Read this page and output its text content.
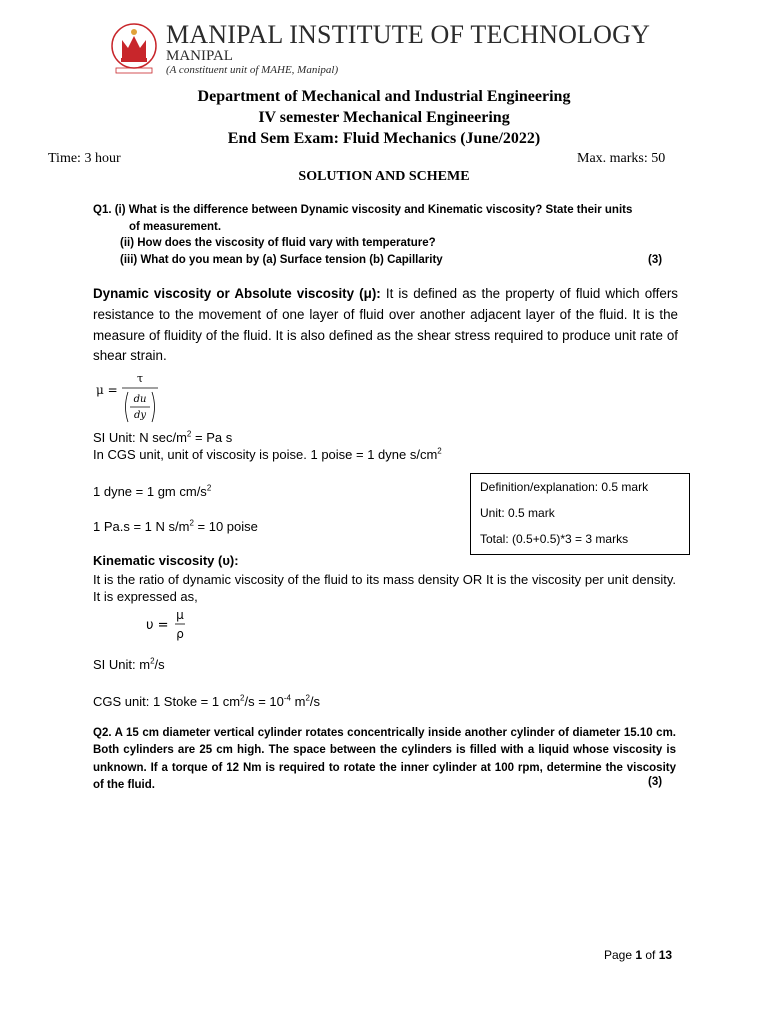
MANIPAL INSTITUTE OF TECHNOLOGY
MANIPAL
(A constituent unit of MAHE, Manipal)
Department of Mechanical and Industrial Engineering
IV semester Mechanical Engineering
End Sem Exam: Fluid Mechanics (June/2022)
Time: 3 hour	Max. marks: 50
SOLUTION AND SCHEME
Q1. (i) What is the difference between Dynamic viscosity and Kinematic viscosity? State their units
of measurement.
(ii) How does the viscosity of fluid vary with temperature?
(iii) What do you mean by (a) Surface tension (b) Capillarity	(3)
Dynamic viscosity or Absolute viscosity (μ): It is defined as the property of fluid which offers resistance to the movement of one layer of fluid over another adjacent layer of the fluid. It is the measure of fluidity of the fluid. It is also defined as the shear stress required to produce unit rate of shear strain.
μ =
τ
du
dy
SI Unit: N $\sec/m^2 = Pa$ s
In CGS unit, unit of viscosity is poise. 1 poise = 1 dyne $s/cm^2$
1 dyne = 1 gm $cm/s^2$
1 Pa.s = 1 N $s/m^2 = 10$ poise
Definition/explanation: 0.5 mark
Unit: 0.5 mark
Total: (0.5+0.5)*3 = 3 marks
Kinematic viscosity (υ):
It is the ratio of dynamic viscosity of the fluid to its mass density OR It is the viscosity per unit density. It is expressed as,
υ =
μ
ρ
SI Unit: $m^2/s$
CGS unit: 1 Stoke = 1 $cm^2/s = 10^{-4}$ $m^2/s$
Q2. A 15 cm diameter vertical cylinder rotates concentrically inside another cylinder of diameter 15.10 cm. Both cylinders are 25 cm high. The space between the cylinders is filled with a liquid whose viscosity is unknown. If a torque of 12 Nm is required to rotate the inner cylinder at 100 rpm, determine the viscosity of the fluid.	(3)
Page 1 of 13
